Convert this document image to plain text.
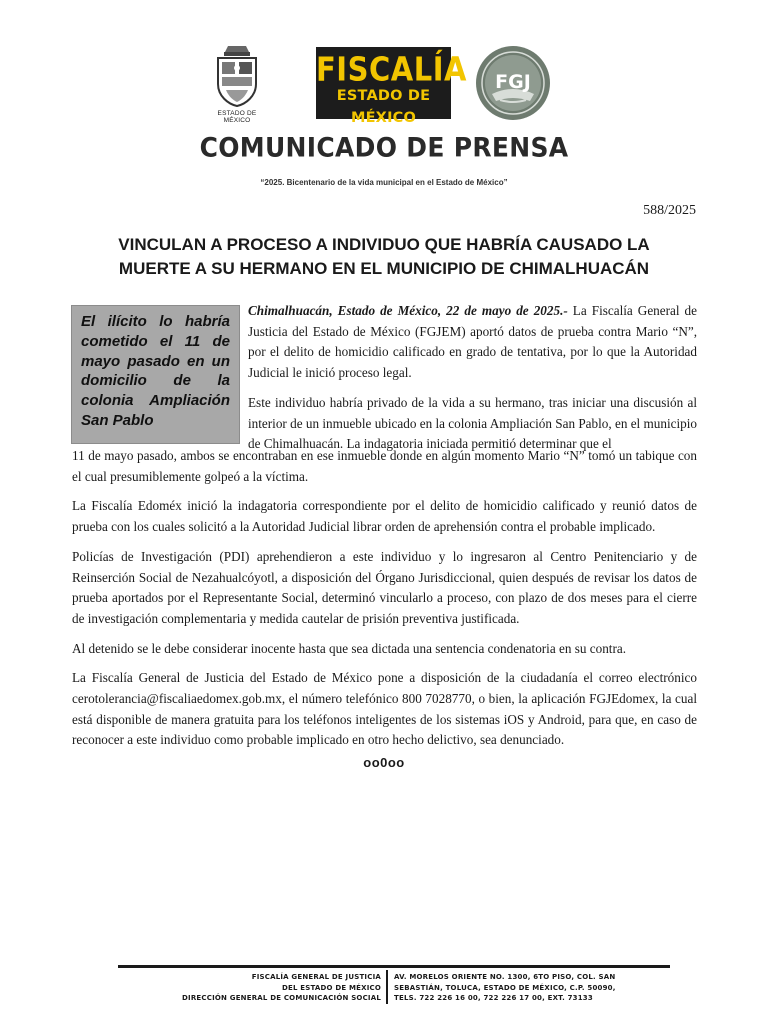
ESTADO DE MÉXICO
FISCALÍA
ESTADO DE MÉXICO
FGJ
COMUNICADO DE PRENSA
“2025. Bicentenario de la vida municipal en el Estado de México”
588/2025
VINCULAN A PROCESO A INDIVIDUO QUE HABRÍA CAUSADO LA
MUERTE A SU HERMANO EN EL MUNICIPIO DE CHIMALHUACÁN
El ilícito lo habría cometido el 11 de mayo pasado en un domicilio de la colonia Ampliación San Pablo

Chimalhuacán, Estado de México, 22 de mayo de 2025.- La Fiscalía General de Justicia del Estado de México (FGJEM) aportó datos de prueba contra Mario “N”, por el delito de homicidio calificado en grado de tentativa, por lo que la Autoridad Judicial le inició proceso legal.

Este individuo habría privado de la vida a su hermano, tras iniciar una discusión al interior de un inmueble ubicado en la colonia Ampliación San Pablo, en el municipio de Chimalhuacán. La indagatoria iniciada permitió determinar que el

11 de mayo pasado, ambos se encontraban en ese inmueble donde en algún momento Mario “N” tomó un tabique con el cual presumiblemente golpeó a la víctima.

La Fiscalía Edoméx inició la indagatoria correspondiente por el delito de homicidio calificado y reunió datos de prueba con los cuales solicitó a la Autoridad Judicial librar orden de aprehensión contra el probable implicado.

Policías de Investigación (PDI) aprehendieron a este individuo y lo ingresaron al Centro Penitenciario y de Reinserción Social de Nezahualcóyotl, a disposición del Órgano Jurisdiccional, quien después de revisar los datos de prueba aportados por el Representante Social, determinó vincularlo a proceso, con plazo de dos meses para el cierre de investigación complementaria y medida cautelar de prisión preventiva justificada.

Al detenido se le debe considerar inocente hasta que sea dictada una sentencia condenatoria en su contra.

La Fiscalía General de Justicia del Estado de México pone a disposición de la ciudadanía el correo electrónico cerotolerancia@fiscaliaedomex.gob.mx, el número telefónico 800 7028770, o bien, la aplicación FGJEdomex, la cual está disponible de manera gratuita para los teléfonos inteligentes de los sistemas iOS y Android, para que, en caso de reconocer a este individuo como probable implicado en otro hecho delictivo, sea denunciado.

oo0oo
FISCALÍA GENERAL DE JUSTICIA
DEL ESTADO DE MÉXICO
DIRECCIÓN GENERAL DE COMUNICACIÓN SOCIAL
AV. MORELOS ORIENTE NO. 1300, 6TO PISO, COL. SAN
SEBASTIÁN, TOLUCA, ESTADO DE MÉXICO, C.P. 50090,
TELS. 722 226 16 00, 722 226 17 00, EXT. 73133
